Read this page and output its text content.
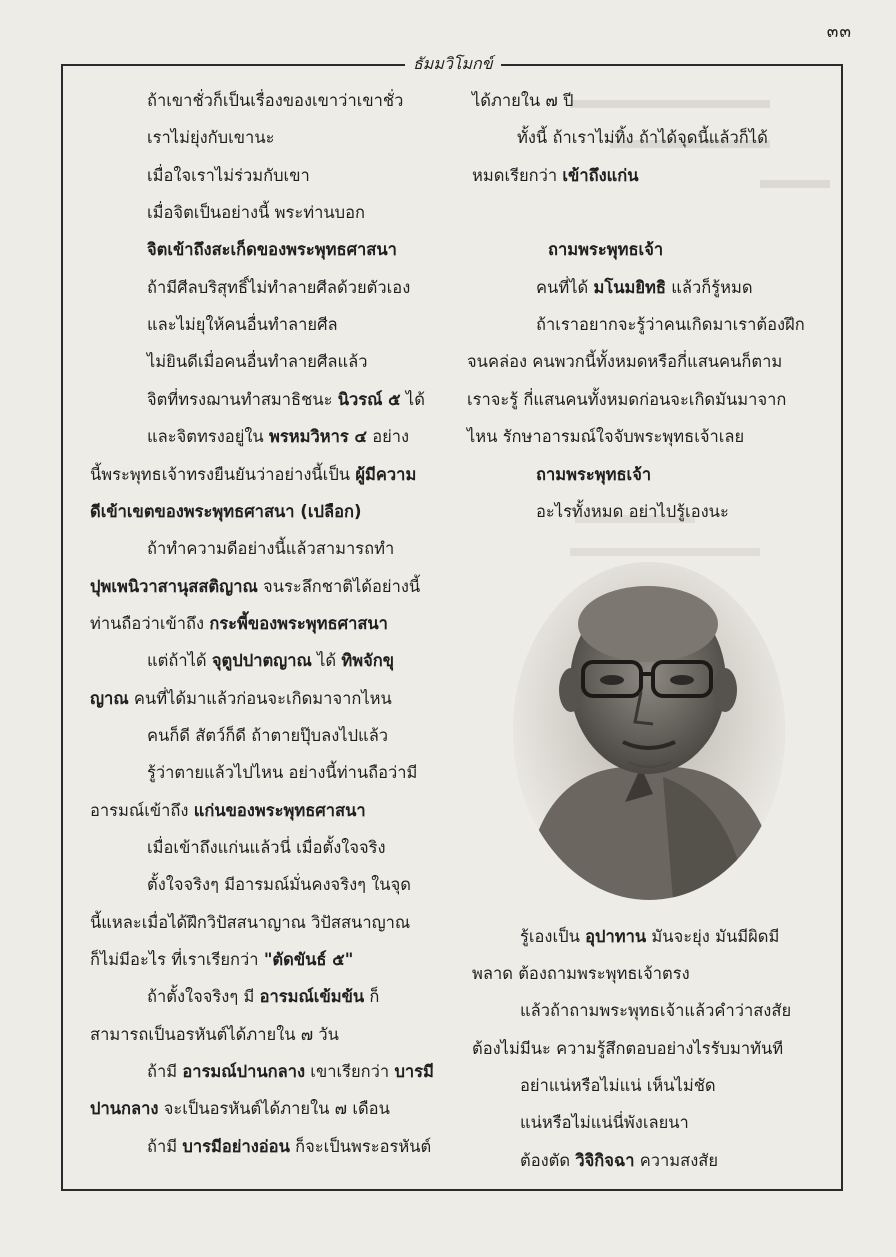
๓๓
ธัมมวิโมกข์
ถ้าเขาชั่วก็เป็นเรื่องของเขาว่าเขาชั่ว
เราไม่ยุ่งกับเขานะ
เมื่อใจเราไม่ร่วมกับเขา
เมื่อจิตเป็นอย่างนี้ พระท่านบอก
จิตเข้าถึงสะเก็ดของพระพุทธศาสนา
ถ้ามีศีลบริสุทธิ์ไม่ทำลายศีลด้วยตัวเอง
และไม่ยุให้คนอื่นทำลายศีล
ไม่ยินดีเมื่อคนอื่นทำลายศีลแล้ว
จิตที่ทรงฌานทำสมาธิชนะ นิวรณ์ ๕ ได้
และจิตทรงอยู่ใน พรหมวิหาร ๔ อย่าง
นี้พระพุทธเจ้าทรงยืนยันว่าอย่างนี้เป็น ผู้มีความ
ดีเข้าเขตของพระพุทธศาสนา (เปลือก)
ถ้าทำความดีอย่างนี้แล้วสามารถทำ
ปุพเพนิวาสานุสสติญาณ จนระลึกชาติได้อย่างนี้
ท่านถือว่าเข้าถึง กระพี้ของพระพุทธศาสนา
แต่ถ้าได้ จุตูปปาตญาณ ได้ ทิพจักขุ
ญาณ คนที่ได้มาแล้วก่อนจะเกิดมาจากไหน
คนก็ดี สัตว์ก็ดี ถ้าตายปุ๊บลงไปแล้ว
รู้ว่าตายแล้วไปไหน อย่างนี้ท่านถือว่ามี
อารมณ์เข้าถึง แก่นของพระพุทธศาสนา
เมื่อเข้าถึงแก่นแล้วนี่ เมื่อตั้งใจจริง
ตั้งใจจริงๆ มีอารมณ์มั่นคงจริงๆ ในจุด
นี้แหละเมื่อได้ฝึกวิปัสสนาญาณ วิปัสสนาญาณ
ก็ไม่มีอะไร ที่เราเรียกว่า "ตัดขันธ์ ๕"
ถ้าตั้งใจจริงๆ มี อารมณ์เข้มข้น ก็
สามารถเป็นอรหันต์ได้ภายใน ๗ วัน
ถ้ามี อารมณ์ปานกลาง เขาเรียกว่า บารมี
ปานกลาง จะเป็นอรหันต์ได้ภายใน ๗ เดือน
ถ้ามี บารมีอย่างอ่อน ก็จะเป็นพระอรหันต์
ได้ภายใน ๗ ปี
ทั้งนี้ ถ้าเราไม่ทิ้ง ถ้าได้จุดนี้แล้วก็ได้
หมดเรียกว่า เข้าถึงแก่น
ถามพระพุทธเจ้า
คนที่ได้ มโนมยิทธิ แล้วก็รู้หมด
ถ้าเราอยากจะรู้ว่าคนเกิดมาเราต้องฝึก
จนคล่อง คนพวกนี้ทั้งหมดหรือกี่แสนคนก็ตาม
เราจะรู้ กี่แสนคนทั้งหมดก่อนจะเกิดมันมาจาก
ไหน รักษาอารมณ์ใจจับพระพุทธเจ้าเลย
ถามพระพุทธเจ้า
อะไรทั้งหมด อย่าไปรู้เองนะ
รู้เองเป็น อุปาทาน มันจะยุ่ง มันมีผิดมี
พลาด ต้องถามพระพุทธเจ้าตรง
แล้วถ้าถามพระพุทธเจ้าแล้วคำว่าสงสัย
ต้องไม่มีนะ ความรู้สึกตอบอย่างไรรับมาทันที
อย่าแน่หรือไม่แน่ เห็นไม่ชัด
แน่หรือไม่แน่นี่พังเลยนา
ต้องตัด วิจิกิจฉา ความสงสัย
